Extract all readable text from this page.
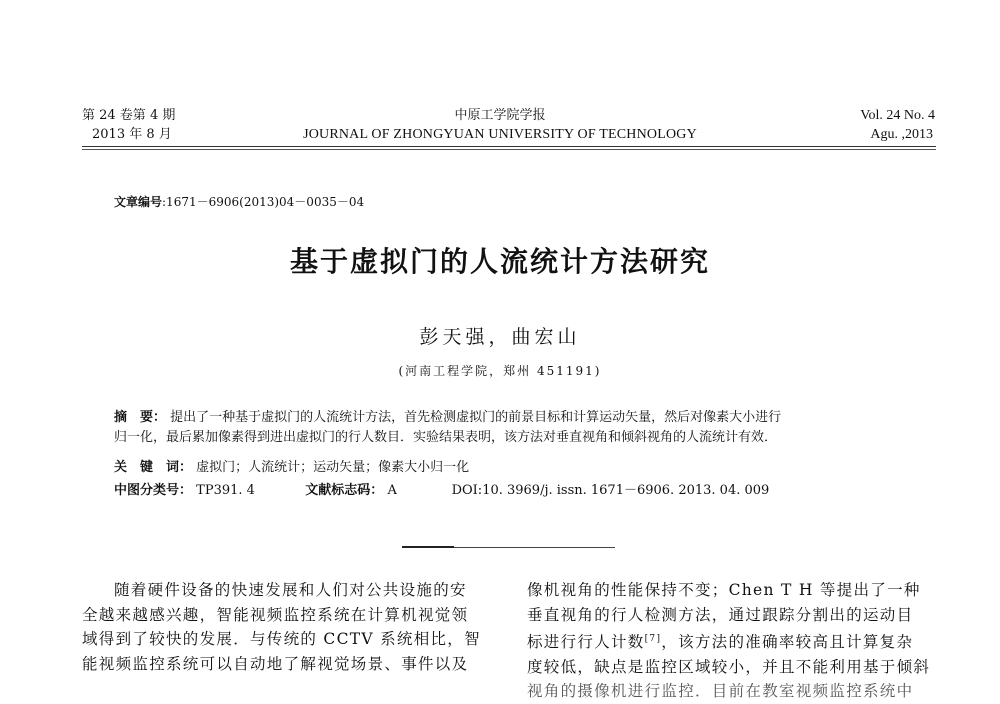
第 24 卷第 4 期
2013 年 8 月
中原工学院学报
JOURNAL OF ZHONGYUAN UNIVERSITY OF TECHNOLOGY
Vol. 24 No. 4
Agu. ,2013
文章编号:1671－6906(2013)04－0035－04
基于虚拟门的人流统计方法研究
彭天强，曲宏山
(河南工程学院，郑州 451191)
摘　要： 提出了一种基于虚拟门的人流统计方法，首先检测虚拟门的前景目标和计算运动矢量，然后对像素大小进行
归一化，最后累加像素得到进出虚拟门的行人数目．实验结果表明，该方法对垂直视角和倾斜视角的人流统计有效．
关　键　词： 虚拟门；人流统计；运动矢量；像素大小归一化
中图分类号： TP391. 4	文献标志码： A	DOI:10. 3969/j. issn. 1671－6906. 2013. 04. 009

随着硬件设备的快速发展和人们对公共设施的安

全越来越感兴趣，智能视频监控系统在计算机视觉领

域得到了较快的发展．与传统的 CCTV 系统相比，智

能视频监控系统可以自动地了解视觉场景、事件以及

像机视角的性能保持不变；Chen T H 等提出了一种

垂直视角的行人检测方法，通过跟踪分割出的运动目

标进行行人计数[7]，该方法的准确率较高且计算复杂

度较低，缺点是监控区域较小，并且不能利用基于倾斜

视角的摄像机进行监控．目前在教室视频监控系统中
